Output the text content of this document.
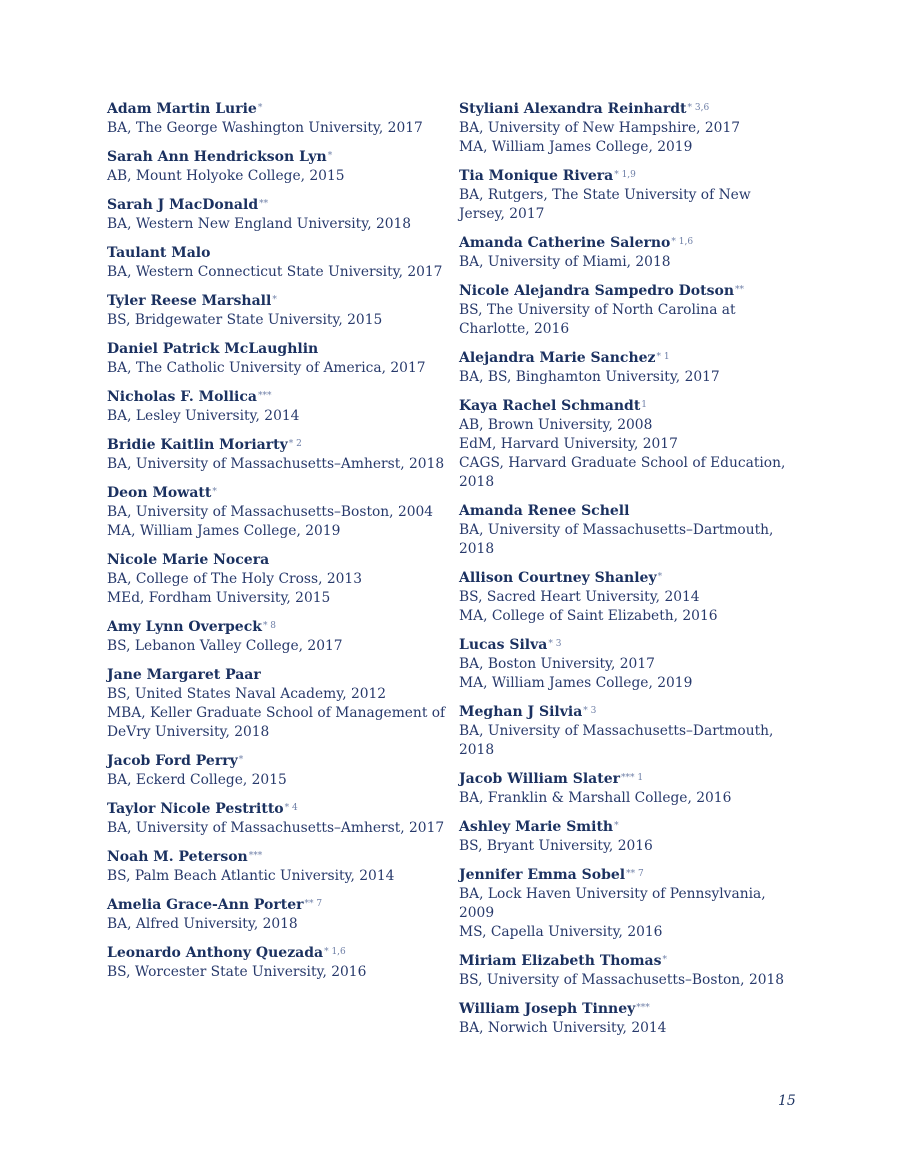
Adam Martin Lurie*
BA, The George Washington University, 2017
Sarah Ann Hendrickson Lyn*
AB, Mount Holyoke College, 2015
Sarah J MacDonald**
BA, Western New England University, 2018
Taulant Malo
BA, Western Connecticut State University, 2017
Tyler Reese Marshall*
BS, Bridgewater State University, 2015
Daniel Patrick McLaughlin
BA, The Catholic University of America, 2017
Nicholas F. Mollica***
BA, Lesley University, 2014
Bridie Kaitlin Moriarty$^{* 2}$
BA, University of Massachusetts–Amherst, 2018
Deon Mowatt*
BA, University of Massachusetts–Boston, 2004
MA, William James College, 2019
Nicole Marie Nocera
BA, College of The Holy Cross, 2013
MEd, Fordham University, 2015
Amy Lynn Overpeck$^{* 8}$
BS, Lebanon Valley College, 2017
Jane Margaret Paar
BS, United States Naval Academy, 2012
MBA, Keller Graduate School of Management of DeVry University, 2018
Jacob Ford Perry*
BA, Eckerd College, 2015
Taylor Nicole Pestritto$^{* 4}$
BA, University of Massachusetts–Amherst, 2017
Noah M. Peterson***
BS, Palm Beach Atlantic University, 2014
Amelia Grace-Ann Porter$^{** 7}$
BA, Alfred University, 2018
Leonardo Anthony Quezada$^{* 1,6}$
BS, Worcester State University, 2016
Styliani Alexandra Reinhardt$^{* 3,6}$
BA, University of New Hampshire, 2017
MA, William James College, 2019
Tia Monique Rivera$^{* 1,9}$
BA, Rutgers, The State University of New Jersey, 2017
Amanda Catherine Salerno$^{* 1,6}$
BA, University of Miami, 2018
Nicole Alejandra Sampedro Dotson**
BS, The University of North Carolina at Charlotte, 2016
Alejandra Marie Sanchez$^{* 1}$
BA, BS, Binghamton University, 2017
Kaya Rachel Schmandt$^1$
AB, Brown University, 2008
EdM, Harvard University, 2017
CAGS, Harvard Graduate School of Education, 2018
Amanda Renee Schell
BA, University of Massachusetts–Dartmouth, 2018
Allison Courtney Shanley*
BS, Sacred Heart University, 2014
MA, College of Saint Elizabeth, 2016
Lucas Silva$^{* 3}$
BA, Boston University, 2017
MA, William James College, 2019
Meghan J Silvia$^{* 3}$
BA, University of Massachusetts–Dartmouth, 2018
Jacob William Slater$^{*** 1}$
BA, Franklin & Marshall College, 2016
Ashley Marie Smith*
BS, Bryant University, 2016
Jennifer Emma Sobel$^{** 7}$
BA, Lock Haven University of Pennsylvania, 2009
MS, Capella University, 2016
Miriam Elizabeth Thomas*
BS, University of Massachusetts–Boston, 2018
William Joseph Tinney***
BA, Norwich University, 2014
15
